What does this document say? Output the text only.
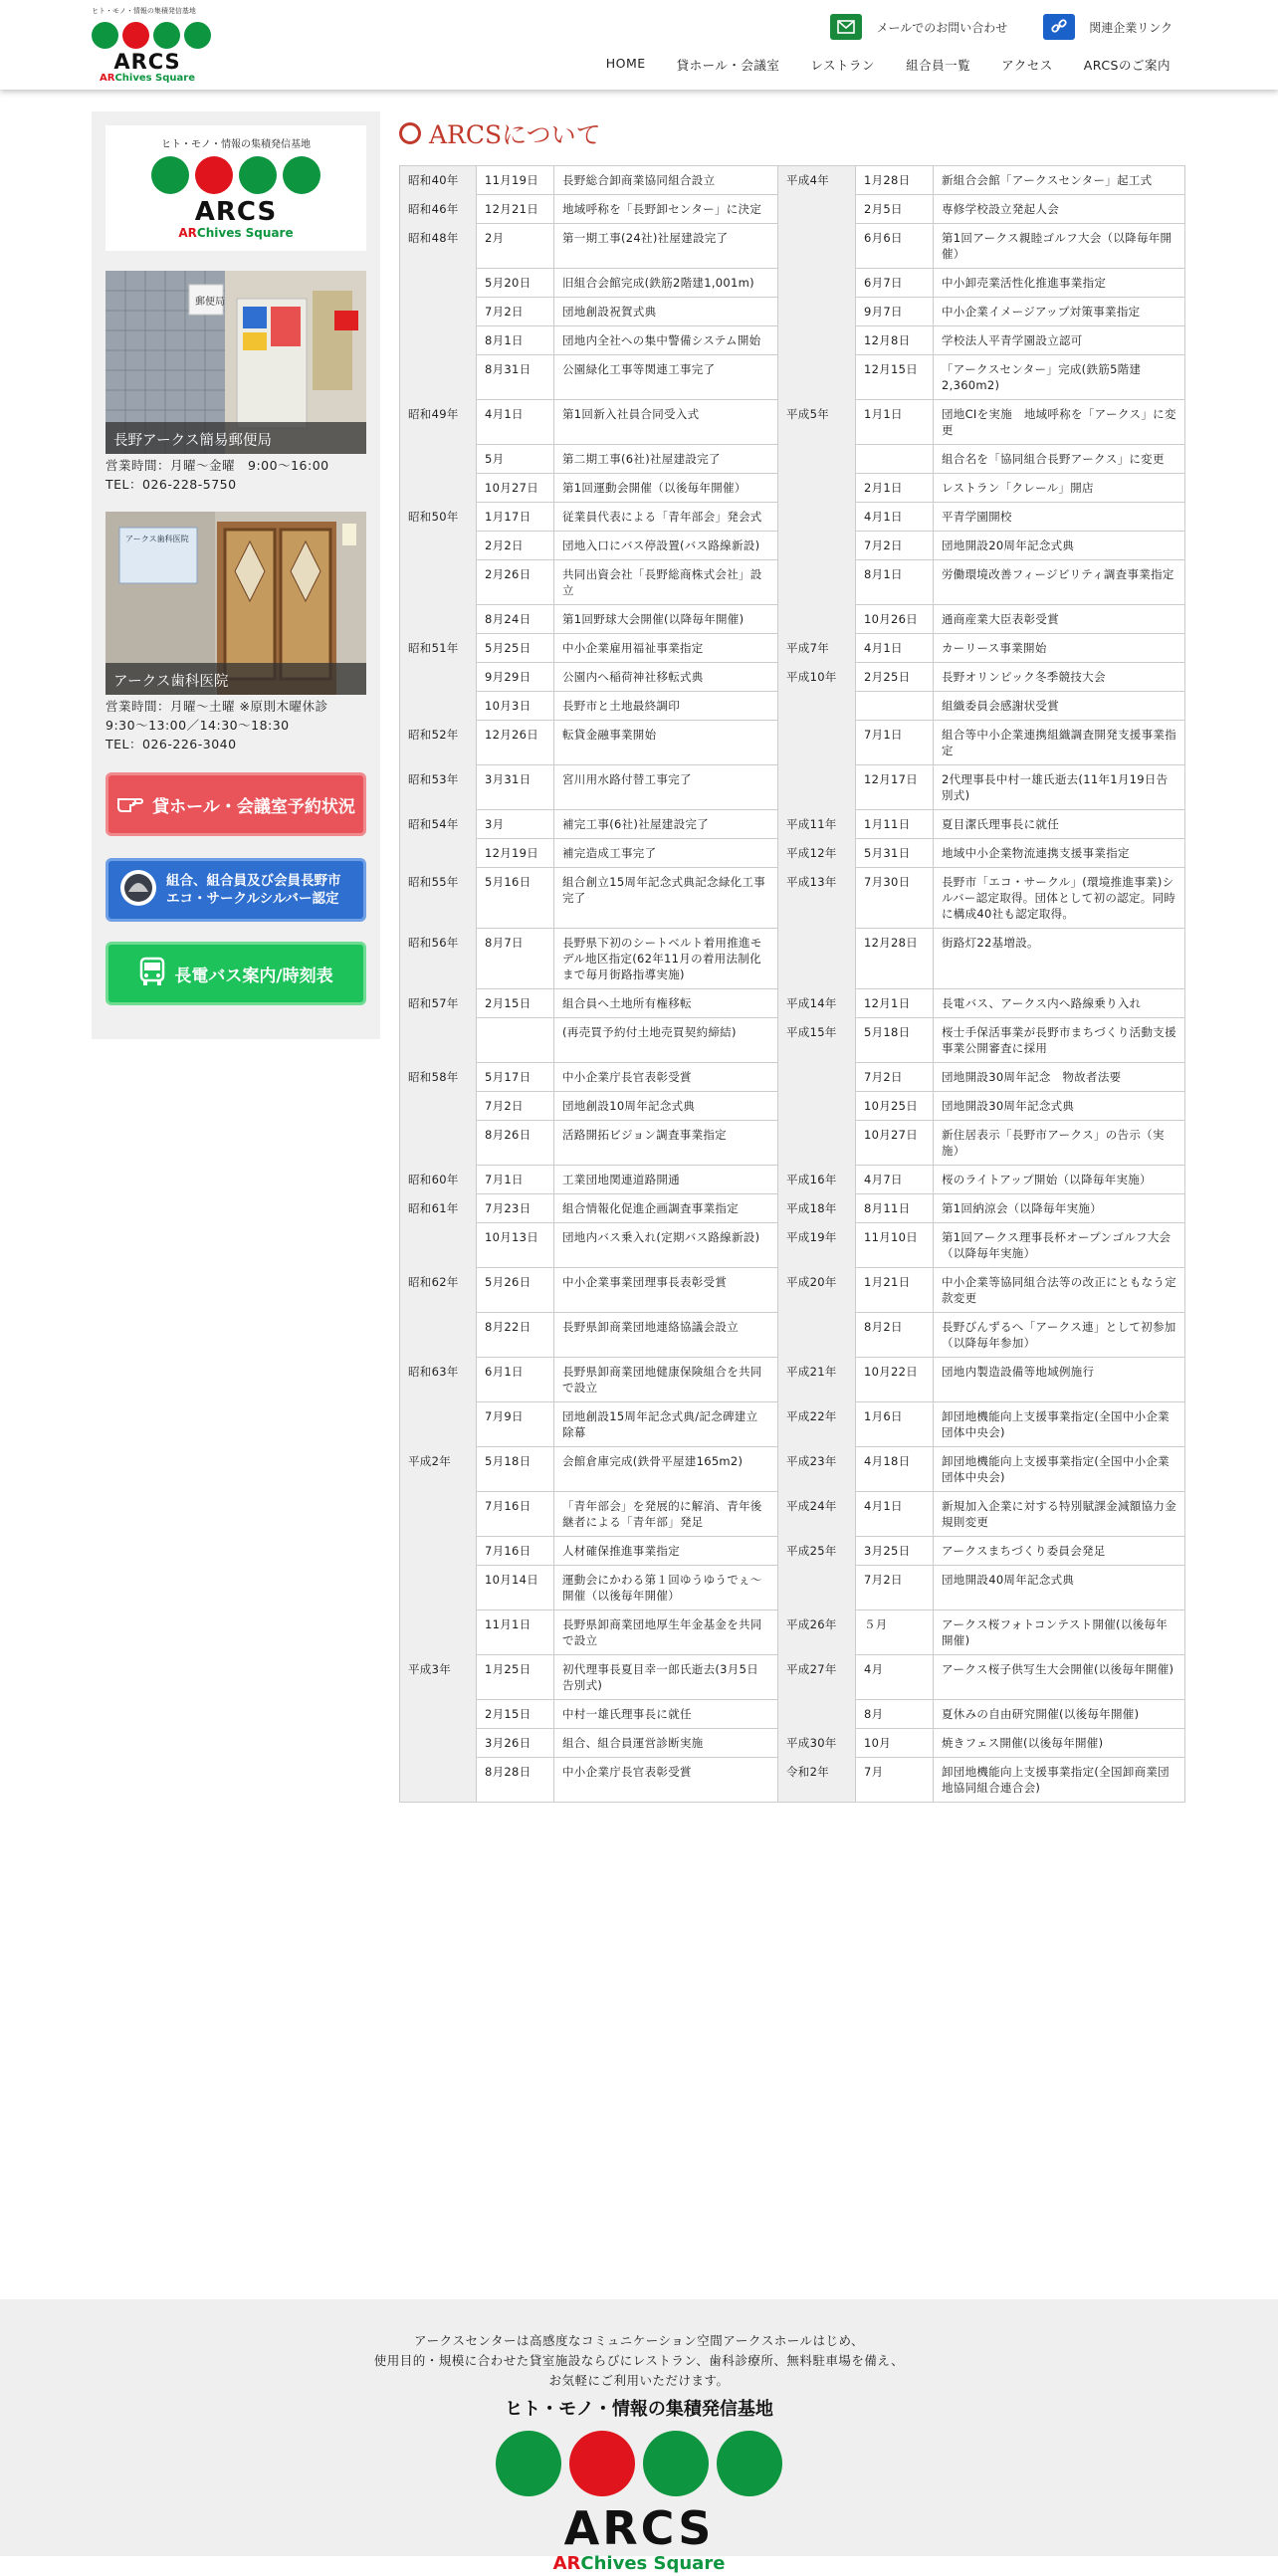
ヒト・モノ・情報の集積発信基地
ARCS
ARChives Square
メールでのお問い合わせ	関連企業リンク
HOME 貸ホール・会議室 レストラン 組合員一覧 アクセス ARCSのご案内
ヒト・モノ・情報の集積発信基地
ARCS
ARChives Square
郵便局
長野アークス簡易郵便局
営業時間：月曜～金曜　9:00～16:00
TEL：026-228-5750
アークス歯科医院
アークス歯科医院
営業時間：月曜～土曜 ※原則木曜休診
9:30～13:00／14:30～18:30
TEL：026-226-3040
貸ホール・会議室予約状況
組合、組合員及び会員長野市
エコ・サークルシルバー認定
長電バス案内/時刻表
ARCSについて
昭和40年	11月19日	長野総合卸商業協同組合設立	平成4年	1月28日	新組合会館「アークスセンター」起工式
昭和46年	12月21日	地域呼称を「長野卸センター」に決定		2月5日	専修学校設立発起人会
昭和48年	2月	第一期工事(24社)社屋建設完了		6月6日	第1回アークス親睦ゴルフ大会（以降毎年開催）
	5月20日	旧組合会館完成(鉄筋2階建1,001m)		6月7日	中小卸売業活性化推進事業指定
	7月2日	団地創設祝賀式典		9月7日	中小企業イメージアップ対策事業指定
	8月1日	団地内全社への集中警備システム開始		12月8日	学校法人平青学園設立認可
	8月31日	公園緑化工事等関連工事完了		12月15日	「アークスセンター」完成(鉄筋5階建2,360m2)
昭和49年	4月1日	第1回新入社員合同受入式	平成5年	1月1日	団地CIを実施　地域呼称を「アークス」に変更
	5月	第二期工事(6社)社屋建設完了			組合名を「協同組合長野アークス」に変更
	10月27日	第1回運動会開催（以後毎年開催）		2月1日	レストラン「クレール」開店
昭和50年	1月17日	従業員代表による「青年部会」発会式		4月1日	平青学園開校
	2月2日	団地入口にバス停設置(バス路線新設)		7月2日	団地開設20周年記念式典
	2月26日	共同出資会社「長野総商株式会社」設立		8月1日	労働環境改善フィージビリティ調査事業指定
	8月24日	第1回野球大会開催(以降毎年開催)		10月26日	通商産業大臣表彰受賞
昭和51年	5月25日	中小企業雇用福祉事業指定	平成7年	4月1日	カーリース事業開始
	9月29日	公園内へ稲荷神社移転式典	平成10年	2月25日	長野オリンピック冬季競技大会
	10月3日	長野市と土地最終調印			組織委員会感謝状受賞
昭和52年	12月26日	転貸金融事業開始		7月1日	組合等中小企業連携組織調査開発支援事業指定
昭和53年	3月31日	宮川用水路付替工事完了		12月17日	2代理事長中村一雄氏逝去(11年1月19日告別式)
昭和54年	3月	補完工事(6社)社屋建設完了	平成11年	1月11日	夏目潔氏理事長に就任
	12月19日	補完造成工事完了	平成12年	5月31日	地域中小企業物流連携支援事業指定
昭和55年	5月16日	組合創立15周年記念式典記念緑化工事完了	平成13年	7月30日	長野市「エコ・サークル」(環境推進事業)シルバー認定取得。団体として初の認定。同時に構成40社も認定取得。
昭和56年	8月7日	長野県下初のシートベルト着用推進モデル地区指定(62年11月の着用法制化まで毎月街路指導実施)		12月28日	街路灯22基増設。
昭和57年	2月15日	組合員へ土地所有権移転	平成14年	12月1日	長電バス、アークス内へ路線乗り入れ
		(再売買予約付土地売買契約締結)	平成15年	5月18日	桜士手保活事業が長野市まちづくり活動支援事業公開審査に採用
昭和58年	5月17日	中小企業庁長官表彰受賞		7月2日	団地開設30周年記念　物故者法要
	7月2日	団地創設10周年記念式典		10月25日	団地開設30周年記念式典
	8月26日	活路開拓ビジョン調査事業指定		10月27日	新住居表示「長野市アークス」の告示（実施）
昭和60年	7月1日	工業団地関連道路開通	平成16年	4月7日	桜のライトアップ開始（以降毎年実施）
昭和61年	7月23日	組合情報化促進企画調査事業指定	平成18年	8月11日	第1回納涼会（以降毎年実施）
	10月13日	団地内バス乗入れ(定期バス路線新設)	平成19年	11月10日	第1回アークス理事長杯オープンゴルフ大会（以降毎年実施）
昭和62年	5月26日	中小企業事業団理事長表彰受賞	平成20年	1月21日	中小企業等協同組合法等の改正にともなう定款変更
	8月22日	長野県卸商業団地連絡協議会設立		8月2日	長野びんずるへ「アークス連」として初参加（以降毎年参加）
昭和63年	6月1日	長野県卸商業団地健康保険組合を共同で設立	平成21年	10月22日	団地内製造設備等地域例施行
	7月9日	団地創設15周年記念式典/記念碑建立除幕	平成22年	1月6日	卸団地機能向上支援事業指定(全国中小企業団体中央会)
平成2年	5月18日	会館倉庫完成(鉄骨平屋建165m2)	平成23年	4月18日	卸団地機能向上支援事業指定(全国中小企業団体中央会)
	7月16日	「青年部会」を発展的に解消、青年後継者による「青年部」発足	平成24年	4月1日	新規加入企業に対する特別賦課金減額協力金規則変更
	7月16日	人材確保推進事業指定	平成25年	3月25日	アークスまちづくり委員会発足
	10月14日	運動会にかわる第１回ゆうゆうでぇ～開催（以後毎年開催）		7月2日	団地開設40周年記念式典
	11月1日	長野県卸商業団地厚生年金基金を共同で設立	平成26年	５月	アークス桜フォトコンテスト開催(以後毎年開催)
平成3年	1月25日	初代理事長夏目幸一郎氏逝去(3月5日告別式)	平成27年	4月	アークス桜子供写生大会開催(以後毎年開催)
	2月15日	中村一雄氏理事長に就任		8月	夏休みの自由研究開催(以後毎年開催)
	3月26日	組合、組合員運営診断実施	平成30年	10月	焼きフェス開催(以後毎年開催)
	8月28日	中小企業庁長官表彰受賞	令和2年	7月	卸団地機能向上支援事業指定(全国卸商業団地協同組合連合会)
アークスセンターは高感度なコミュニケーション空間アークスホールはじめ、
使用目的・規模に合わせた貸室施設ならびにレストラン、歯科診療所、無料駐車場を備え、
お気軽にご利用いただけます。
ヒト・モノ・情報の集積発信基地
ARCS
ARChives Square
